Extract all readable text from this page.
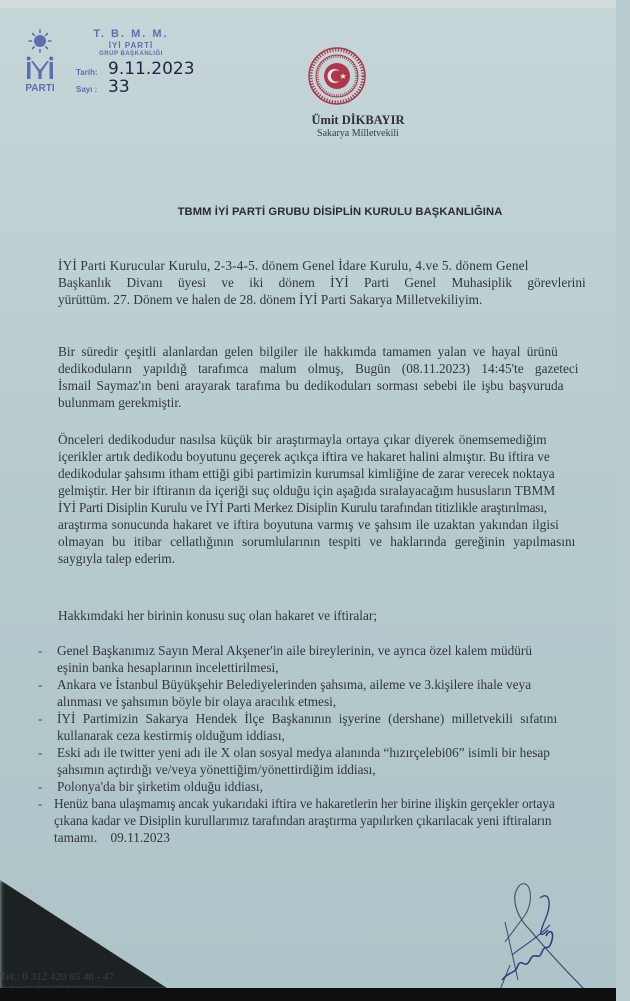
PARTI
T. B. M. M.
İYİ PARTİ
GRUP BAŞKANLIĞI
Tarih: 9.11.2023
Sayı : 33
Ümit DİKBAYIR
Sakarya Milletvekili
TBMM İYİ PARTİ GRUBU DİSİPLİN KURULU BAŞKANLIĞINA
İYİ Parti Kurucular Kurulu, 2-3-4-5. dönem Genel İdare Kurulu, 4.ve 5. dönem Genel
Başkanlık Divanı üyesi ve iki dönem İYİ Parti Genel Muhasiplik görevlerini
yürüttüm. 27. Dönem ve halen de 28. dönem İYİ Parti Sakarya Milletvekiliyim.
Bir süredir çeşitli alanlardan gelen bilgiler ile hakkımda tamamen yalan ve hayal ürünü
dedikoduların yapıldığ tarafımca malum olmuş, Bugün (08.11.2023) 14:45'te gazeteci
İsmail Saymaz'ın beni arayarak tarafıma bu dedikoduları sorması sebebi ile işbu başvuruda
bulunmam gerekmiştir.
Önceleri dedikodudur nasılsa küçük bir araştırmayla ortaya çıkar diyerek önemsemediğim
içerikler artık dedikodu boyutunu geçerek açıkça iftira ve hakaret halini almıştır. Bu iftira ve
dedikodular şahsımı itham ettiği gibi partimizin kurumsal kimliğine de zarar verecek noktaya
gelmiştir. Her bir iftiranın da içeriği suç olduğu için aşağıda sıralayacağım hususların TBMM
İYİ Parti Disiplin Kurulu ve İYİ Parti Merkez Disiplin Kurulu tarafından titizlikle araştırılması,
araştırma sonucunda hakaret ve iftira boyutuna varmış ve şahsım ile uzaktan yakından ilgisi
olmayan bu itibar cellatlığının sorumlularının tespiti ve haklarında gereğinin yapılmasını
saygıyla talep ederim.
Hakkımdaki her birinin konusu suç olan hakaret ve iftiralar;
- Genel Başkanımız Sayın Meral Akşener'in aile bireylerinin, ve ayrıca özel kalem müdürü
eşinin banka hesaplarının incelettirilmesi,
- Ankara ve İstanbul Büyükşehir Belediyelerinden şahsıma, aileme ve 3.kişilere ihale veya
alınması ve şahsımın böyle bir olaya aracılık etmesi,
- İYİ Partimizin Sakarya Hendek İlçe Başkanının işyerine (dershane) milletvekili sıfatını
kullanarak ceza kestirmiş olduğum iddiası,
- Eski adı ile twitter yeni adı ile X olan sosyal medya alanında “hızırçelebi06” isimli bir hesap
şahsımın açtırdığı ve/veya yönettiğim/yönettirdiğim iddiası,
- Polonya'da bir şirketim olduğu iddiası,
- Henüz bana ulaşmamış ancak yukarıdaki iftira ve hakaretlerin her birine ilişkin gerçekler ortaya
çıkana kadar ve Disiplin kurullarımız tarafından araştırma yapılırken çıkarılacak yeni iftiraların
tamamı.    09.11.2023
Tel.: 0 312 420 65 46 - 47
